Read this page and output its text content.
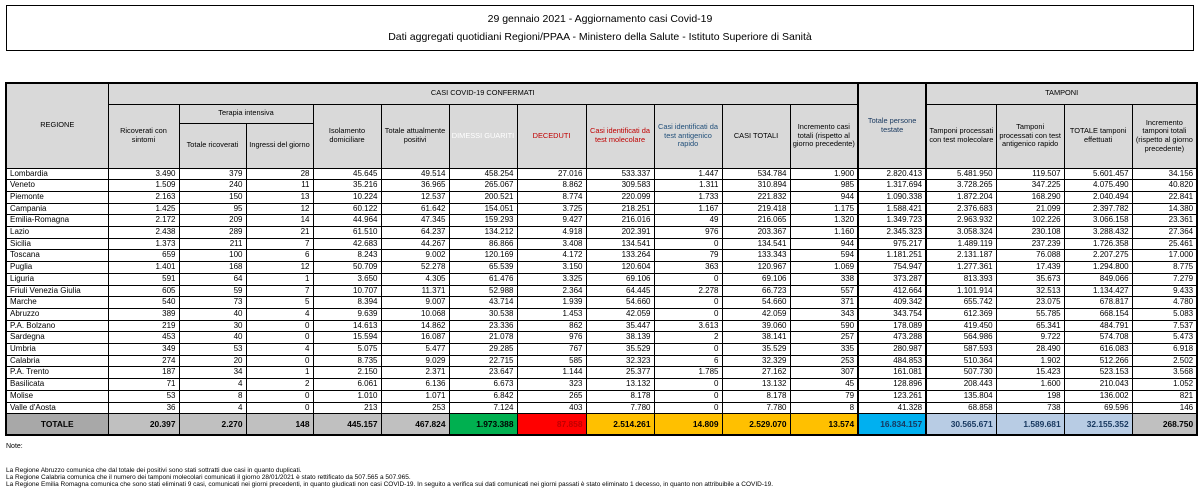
29 gennaio 2021 - Aggiornamento casi Covid-19
Dati aggregati quotidiani Regioni/PPAA - Ministero della Salute - Istituto Superiore di Sanità
REGIONE	CASI COVID-19 CONFERMATI											Totale persone testate	TAMPONI			
	Ricoverati con sintomi	Terapia intensiva		Isolamento domiciliare	Totale attualmente positivi	DIMESSI GUARITI	DECEDUTI	Casi identificati da test molecolare	Casi identificati da test antigenico rapido	CASI TOTALI	Incremento casi totali (rispetto al giorno precedente)		Tamponi processati con test molecolare	Tamponi processati con test antigenico rapido	TOTALE tamponi effettuati	Incremento tamponi totali (rispetto al giorno precedente)
		Totale ricoverati	Ingressi del giorno													
Lombardia	3.490	379	28	45.645	49.514	458.254	27.016	533.337	1.447	534.784	1.900	2.820.413	5.481.950	119.507	5.601.457	34.156
Veneto	1.509	240	11	35.216	36.965	265.067	8.862	309.583	1.311	310.894	985	1.317.694	3.728.265	347.225	4.075.490	40.820
Piemonte	2.163	150	13	10.224	12.537	200.521	8.774	220.099	1.733	221.832	944	1.090.338	1.872.204	168.290	2.040.494	22.841
Campania	1.425	95	12	60.122	61.642	154.051	3.725	218.251	1.167	219.418	1.175	1.588.421	2.376.683	21.099	2.397.782	14.380
Emilia-Romagna	2.172	209	14	44.964	47.345	159.293	9.427	216.016	49	216.065	1.320	1.349.723	2.963.932	102.226	3.066.158	23.361
Lazio	2.438	289	21	61.510	64.237	134.212	4.918	202.391	976	203.367	1.160	2.345.323	3.058.324	230.108	3.288.432	27.364
Sicilia	1.373	211	7	42.683	44.267	86.866	3.408	134.541	0	134.541	944	975.217	1.489.119	237.239	1.726.358	25.461
Toscana	659	100	6	8.243	9.002	120.169	4.172	133.264	79	133.343	594	1.181.251	2.131.187	76.088	2.207.275	17.000
Puglia	1.401	168	12	50.709	52.278	65.539	3.150	120.604	363	120.967	1.069	754.947	1.277.361	17.439	1.294.800	8.775
Liguria	591	64	1	3.650	4.305	61.476	3.325	69.106	0	69.106	338	373.287	813.393	35.673	849.066	7.279
Friuli Venezia Giulia	605	59	7	10.707	11.371	52.988	2.364	64.445	2.278	66.723	557	412.664	1.101.914	32.513	1.134.427	9.433
Marche	540	73	5	8.394	9.007	43.714	1.939	54.660	0	54.660	371	409.342	655.742	23.075	678.817	4.780
Abruzzo	389	40	4	9.639	10.068	30.538	1.453	42.059	0	42.059	343	343.754	612.369	55.785	668.154	5.083
P.A. Bolzano	219	30	0	14.613	14.862	23.336	862	35.447	3.613	39.060	590	178.089	419.450	65.341	484.791	7.537
Sardegna	453	40	0	15.594	16.087	21.078	976	38.139	2	38.141	257	473.288	564.986	9.722	574.708	5.473
Umbria	349	53	4	5.075	5.477	29.285	767	35.529	0	35.529	335	280.987	587.593	28.490	616.083	6.918
Calabria	274	20	0	8.735	9.029	22.715	585	32.323	6	32.329	253	484.853	510.364	1.902	512.266	2.502
P.A. Trento	187	34	1	2.150	2.371	23.647	1.144	25.377	1.785	27.162	307	161.081	507.730	15.423	523.153	3.568
Basilicata	71	4	2	6.061	6.136	6.673	323	13.132	0	13.132	45	128.896	208.443	1.600	210.043	1.052
Molise	53	8	0	1.010	1.071	6.842	265	8.178	0	8.178	79	123.261	135.804	198	136.002	821
Valle d'Aosta	36	4	0	213	253	7.124	403	7.780	0	7.780	8	41.328	68.858	738	69.596	146
TOTALE	20.397	2.270	148	445.157	467.824	1.973.388	87.858	2.514.261	14.809	2.529.070	13.574	16.834.157	30.565.671	1.589.681	32.155.352	268.750
Note:
La Regione Abruzzo comunica che dal totale dei positivi sono stati sottratti due casi in quanto duplicati.
La Regione Calabria comunica che il numero dei tamponi molecolari comunicati il giorno 28/01/2021 è stato rettificato da 507.565 a 507.965.
La Regione Emilia Romagna comunica che sono stati eliminati 9 casi, comunicati nei giorni precedenti, in quanto giudicati non casi COVID-19. In seguito a verifica sui dati comunicati nei giorni passati è stato eliminato 1 decesso, in quanto non attribuibile a COVID-19.
